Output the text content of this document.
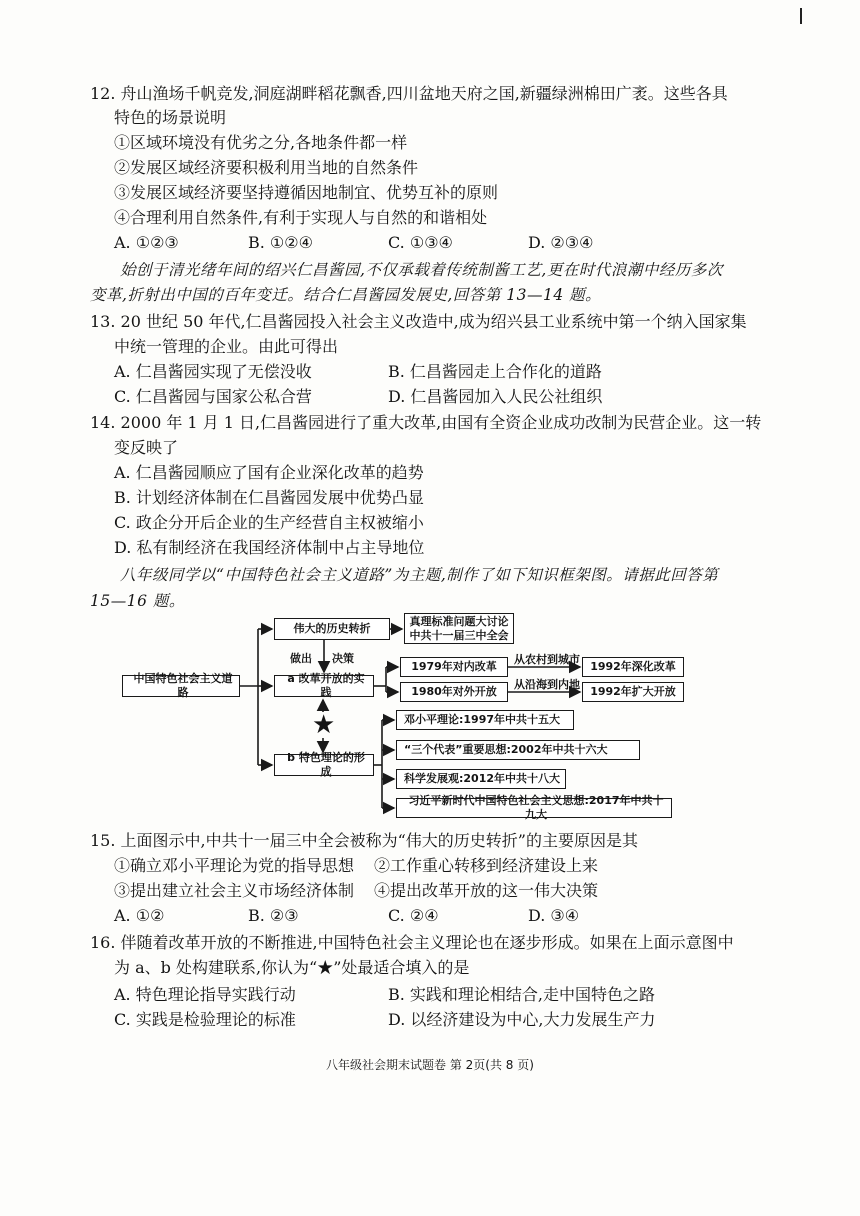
12. 舟山渔场千帆竞发,洞庭湖畔稻花飘香,四川盆地天府之国,新疆绿洲棉田广袤。这些各具
特色的场景说明
①区域环境没有优劣之分,各地条件都一样
②发展区域经济要积极利用当地的自然条件
③发展区域经济要坚持遵循因地制宜、优势互补的原则
④合理利用自然条件,有利于实现人与自然的和谐相处
A. ①②③	B. ①②④	C. ①③④	D. ②③④
始创于清光绪年间的绍兴仁昌酱园,不仅承载着传统制酱工艺,更在时代浪潮中经历多次
变革,折射出中国的百年变迁。结合仁昌酱园发展史,回答第 13—14 题。
13. 20 世纪 50 年代,仁昌酱园投入社会主义改造中,成为绍兴县工业系统中第一个纳入国家集
中统一管理的企业。由此可得出
A. 仁昌酱园实现了无偿没收	B. 仁昌酱园走上合作化的道路
C. 仁昌酱园与国家公私合营	D. 仁昌酱园加入人民公社组织
14. 2000 年 1 月 1 日,仁昌酱园进行了重大改革,由国有全资企业成功改制为民营企业。这一转
变反映了
A. 仁昌酱园顺应了国有企业深化改革的趋势
B. 计划经济体制在仁昌酱园发展中优势凸显
C. 政企分开后企业的生产经营自主权被缩小
D. 私有制经济在我国经济体制中占主导地位
八年级同学以“中国特色社会主义道路”为主题,制作了如下知识框架图。请据此回答第
15—16 题。
中国特色社会主义道路
伟大的历史转折
真理标准问题大讨论
中共十一届三中全会
做出 决策
a 改革开放的实践
1979年对内改革
1980年对外开放
从农村到城市
从沿海到内地
1992年深化改革
1992年扩大开放
★
b 特色理论的形成
邓小平理论:1997年中共十五大
“三个代表”重要思想:2002年中共十六大
科学发展观:2012年中共十八大
习近平新时代中国特色社会主义思想:2017年中共十九大
15. 上面图示中,中共十一届三中全会被称为“伟大的历史转折”的主要原因是其
①确立邓小平理论为党的指导思想 ②工作重心转移到经济建设上来
③提出建立社会主义市场经济体制 ④提出改革开放的这一伟大决策
A. ①②	B. ②③	C. ②④	D. ③④
16. 伴随着改革开放的不断推进,中国特色社会主义理论也在逐步形成。如果在上面示意图中
为 a、b 处构建联系,你认为“★”处最适合填入的是
A. 特色理论指导实践行动	B. 实践和理论相结合,走中国特色之路
C. 实践是检验理论的标准	D. 以经济建设为中心,大力发展生产力
八年级社会期末试题卷 第 2页(共 8 页)
